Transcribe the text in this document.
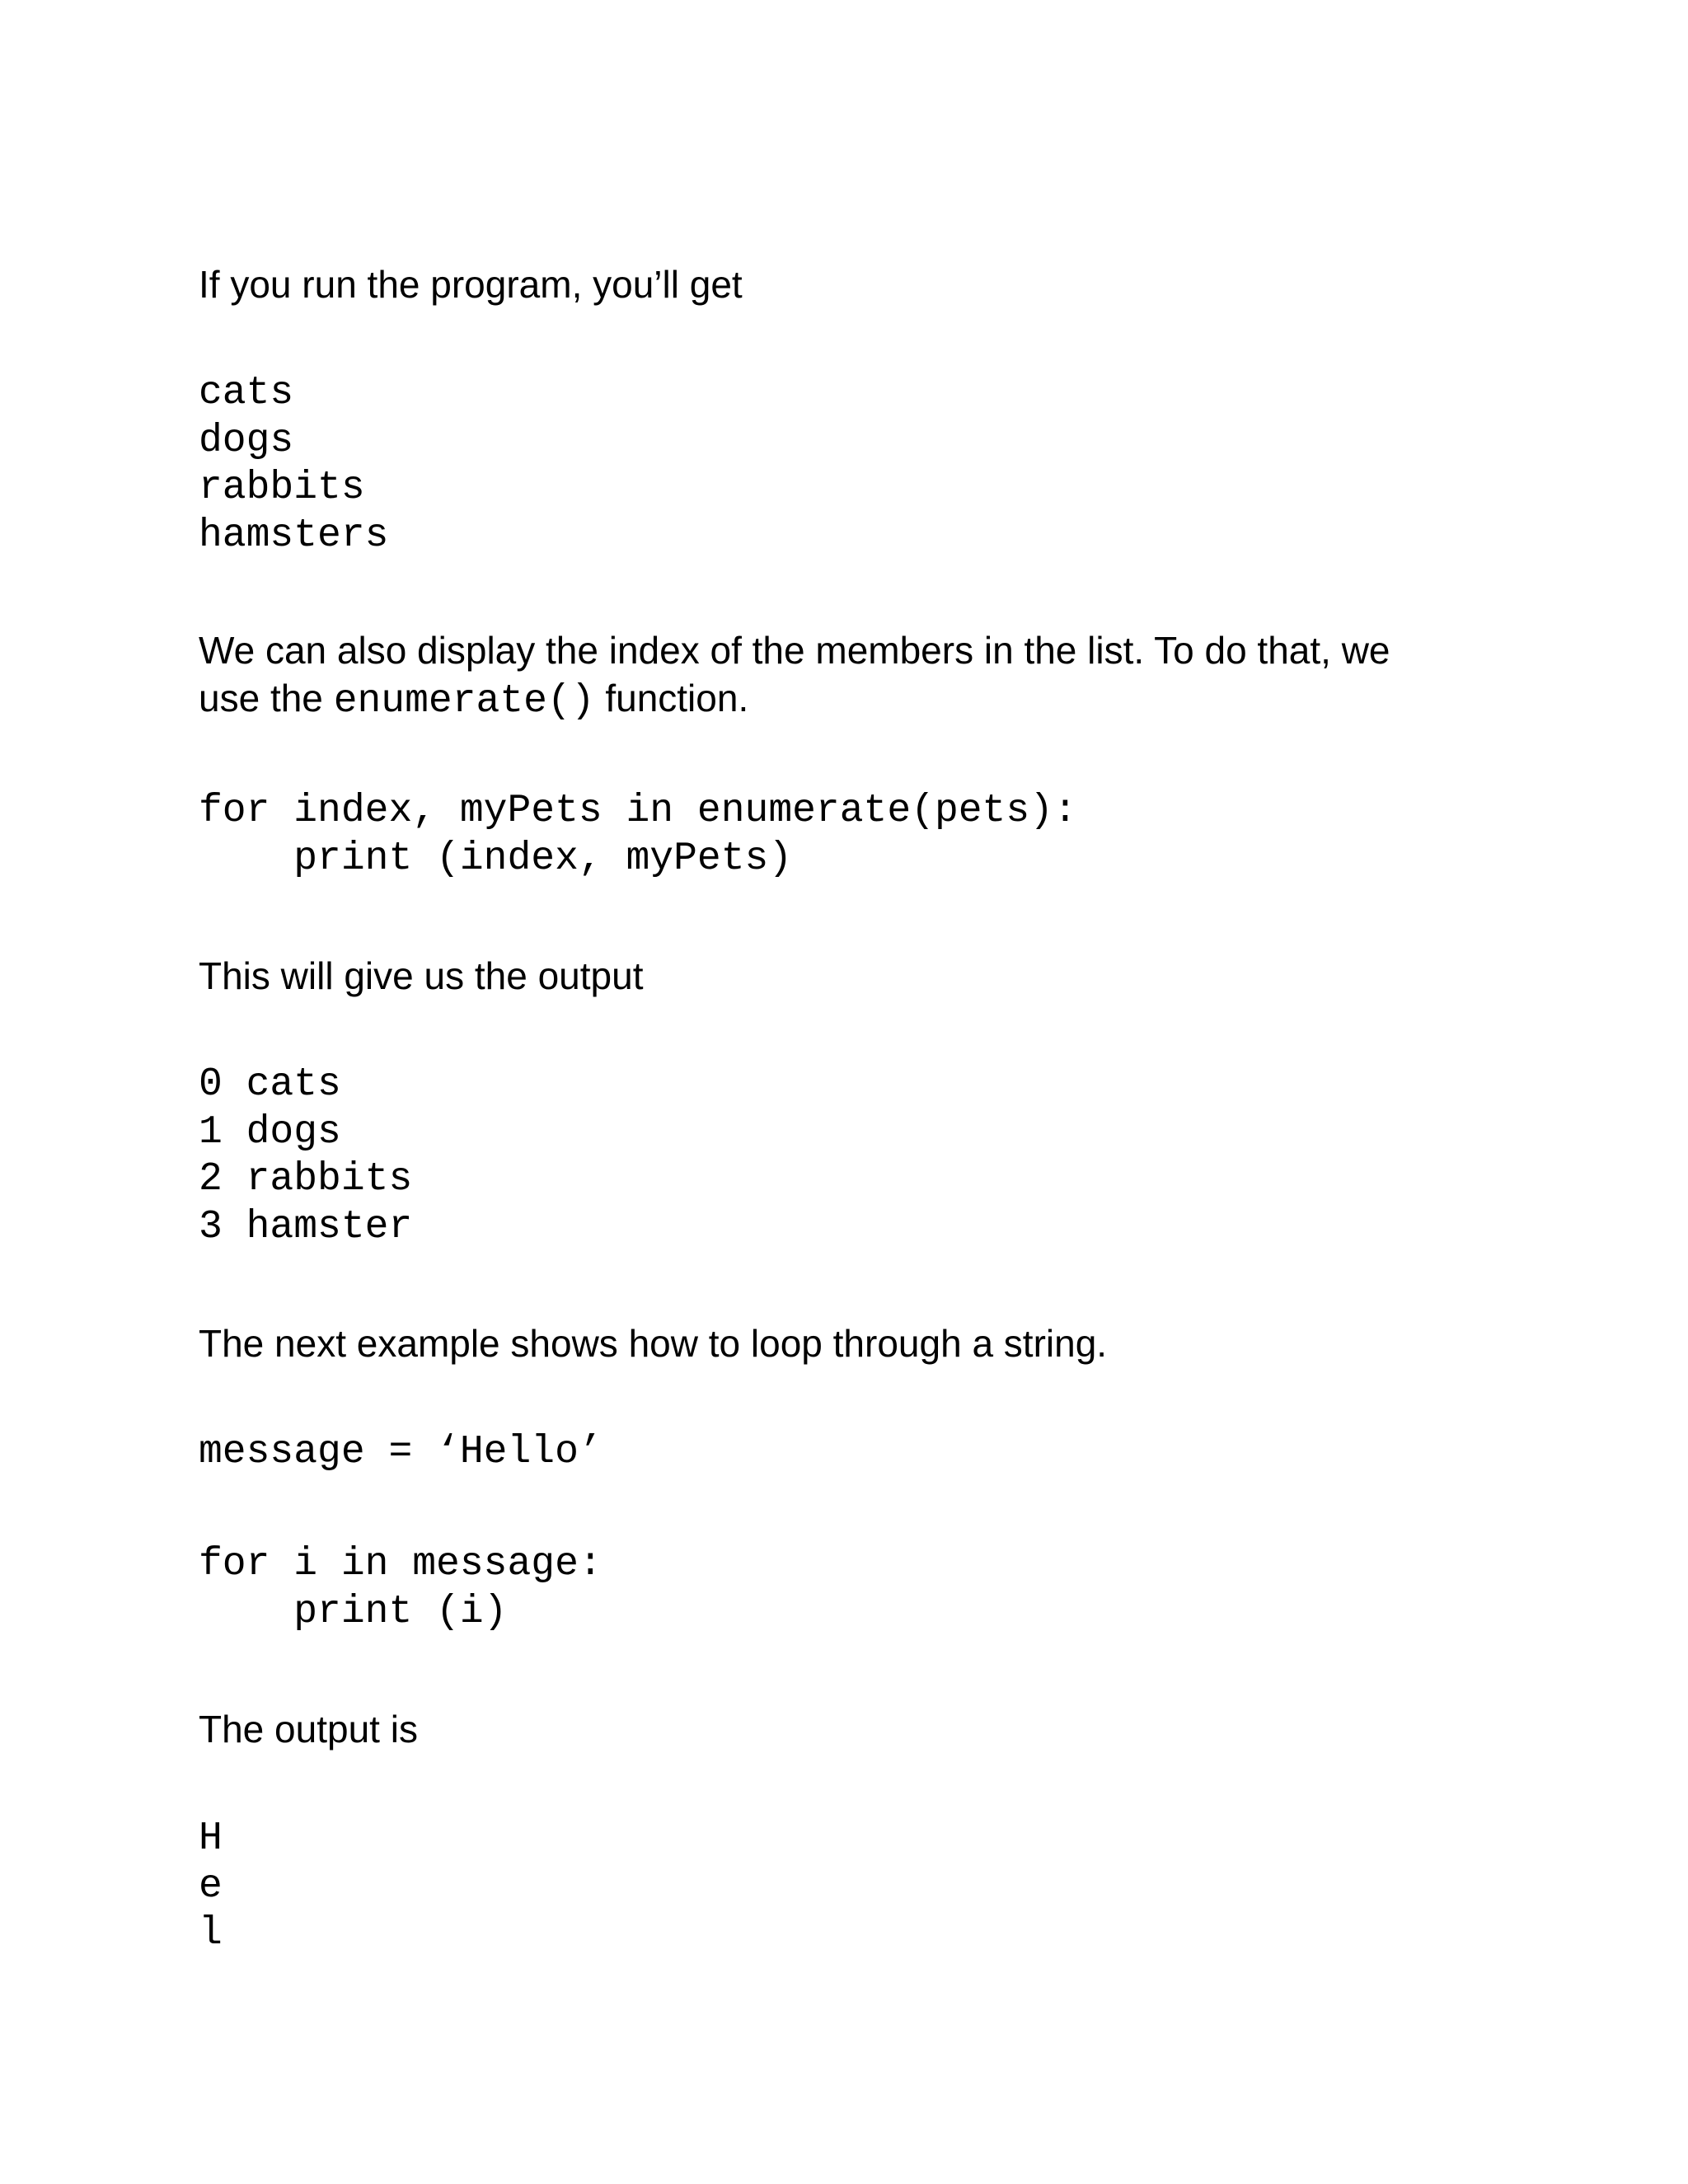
If you run the program, you’ll get

cats
dogs
rabbits
hamsters

We can also display the index of the members in the list. To do that, we
use the enumerate() function.

for index, myPets in enumerate(pets):
print (index, myPets)

This will give us the output

0 cats
1 dogs
2 rabbits
3 hamster

The next example shows how to loop through a string.

message = ‘Hello’
for i in message:
print (i)

The output is

H
e
l
